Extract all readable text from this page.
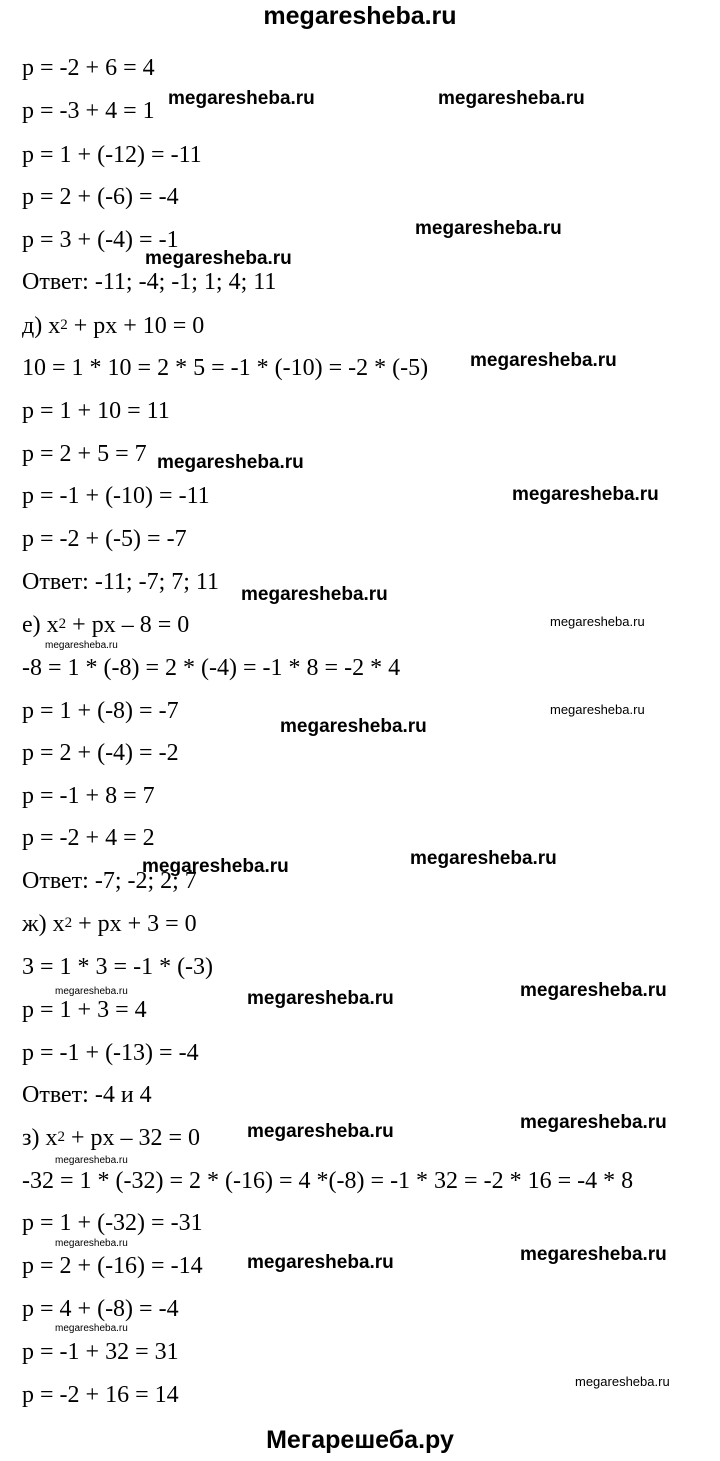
megaresheba.ru
p = -2 + 6 = 4
p = -3 + 4 = 1
p = 1 + (-12) = -11
p = 2 + (-6) = -4
p = 3 + (-4) = -1
Ответ: -11; -4; -1; 1; 4; 11
д) $x^2$ + px + 10 = 0
10 = 1 * 10 = 2 * 5 = -1 * (-10) = -2 * (-5)
p = 1 + 10 = 11
p = 2 + 5 = 7
p = -1 + (-10) = -11
p = -2 + (-5) = -7
Ответ: -11; -7; 7; 11
е) $x^2$ + px – 8 = 0
-8 = 1 * (-8) = 2 * (-4) = -1 * 8 = -2 * 4
p = 1 + (-8) = -7
p = 2 + (-4) = -2
p = -1 + 8 = 7
p = -2 + 4 = 2
Ответ: -7; -2; 2; 7
ж) $x^2$ + px + 3 = 0
3 = 1 * 3 = -1 * (-3)
p = 1 + 3 = 4
p = -1 + (-13) = -4
Ответ: -4 и 4
з) $x^2$ + px – 32 = 0
-32 = 1 * (-32) = 2 * (-16) = 4 *(-8) = -1 * 32 = -2 * 16 = -4 * 8
p = 1 + (-32) = -31
p = 2 + (-16) = -14
p = 4 + (-8) = -4
p = -1 + 32 = 31
p = -2 + 16 = 14
megaresheba.ru	megaresheba.ru
megaresheba.ru
megaresheba.ru
megaresheba.ru
megaresheba.ru
megaresheba.ru
megaresheba.ru
megaresheba.ru
megaresheba.ru
megaresheba.ru
megaresheba.ru
megaresheba.ru	megaresheba.ru
megaresheba.ru	megaresheba.ru	megaresheba.ru
megaresheba.ru	megaresheba.ru
megaresheba.ru
megaresheba.ru
megaresheba.ru	megaresheba.ru
megaresheba.ru
megaresheba.ru
Мегарешеба.ру
